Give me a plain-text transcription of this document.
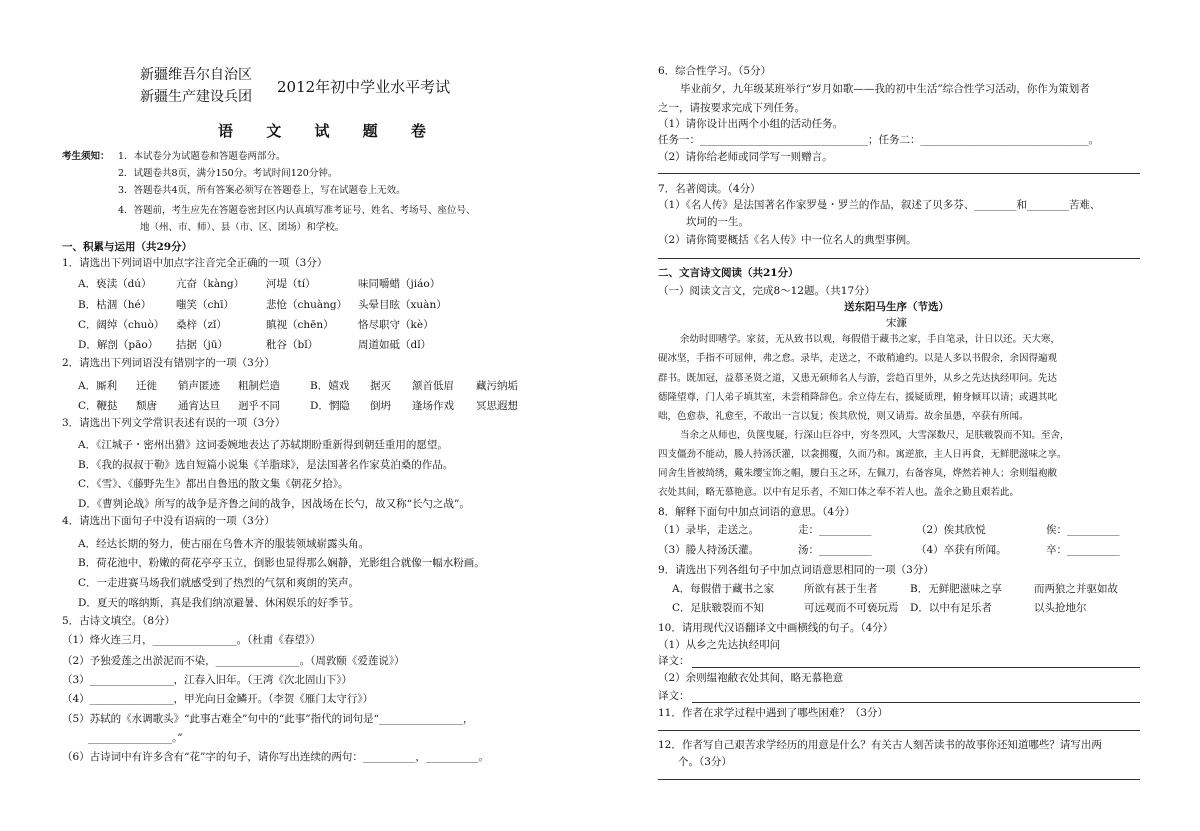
新疆维吾尔自治区
新疆生产建设兵团
2012年初中学业水平考试
语 文 试 题 卷
考生须知： 1．本试卷分为试题卷和答题卷两部分。
2．试题卷共8页，满分150分。考试时间120分钟。
3．答题卷共4页，所有答案必须写在答题卷上，写在试题卷上无效。
4．答题前，考生应先在答题卷密封区内认真填写准考证号、姓名、考场号、座位号、
地（州、市、师）、县（市、区、团场）和学校。
一、积累与运用（共29分）
1．请选出下列词语中加点字注音完全正确的一项（3分）
A．亵渎（dú） 亢奋（kàng） 河堤（tí）	味同嚼蜡（jiáo）
B．枯涸（hé） 嗤笑（chī）	悲怆（chuàng） 头晕目眩（xuàn）
C．阔绰（chuò） 桑梓（zǐ）	瞋视（chēn） 恪尽职守（kè）
D．解剖（pāo） 拮据（jū）	秕谷（bǐ）	周道如砥（dǐ）
2．请选出下列词语没有错别字的一项（3分）
A．厮利 迁徙 销声匿迹 粗制烂造	B．嬉戏 据灭 颔首低眉 藏污纳垢
C．鞭挞 颓唐 通宵达旦 迥乎不同	D．惘隐 倒坍 逢场作戏 冥思遐想
3．请选出下列文学常识表述有误的一项（3分）
A．《江城子・密州出猎》这词委婉地表达了苏轼期盼重新得到朝廷重用的愿望。
B．《我的叔叔于勒》选自短篇小说集《羊脂球》，是法国著名作家莫泊桑的作品。
C．《雪》、《藤野先生》都出自鲁迅的散文集《朝花夕拾》。
D．《曹刿论战》所写的战争是齐鲁之间的战争，因战场在长勺，故又称“长勺之战”。
4．请选出下面句子中没有语病的一项（3分）
A．经达长期的努力，使古丽在乌鲁木齐的服装领域崭露头角。
B．荷花池中，粉嫩的荷花亭亭玉立，倒影也显得那么娴静，光影组合就像一幅水粉画。
C．一走进赛马场我们就感受到了热烈的气氛和爽朗的笑声。
D．夏天的喀纳斯，真是我们纳凉避暑、休闲娱乐的好季节。
5．古诗文填空。（8分）
（1）烽火连三月，________________。（杜甫《春望》）
（2）予独爱莲之出淤泥而不染，________________。（周敦颐《爱莲说》）
（3）________________，江春入旧年。（王湾《次北固山下》）
（4）________________，甲光向日金鳞开。（李贺《雁门太守行》）
（5）苏轼的《水调歌头》“此事古难全”句中的“此事”指代的词句是“________________，
________________。”
（6）古诗词中有许多含有“花”字的句子，请你写出连续的两句：__________，__________。
6．综合性学习。（5分）
毕业前夕，九年级某班举行“岁月如歌——我的初中生活”综合性学习活动，你作为策划者
之一，请按要求完成下列任务。
（1）请你设计出两个小组的活动任务。
任务一：________________________________；任务二：________________________________。
（2）请你给老师或同学写一则赠言。
7．名著阅读。（4分）
（1）《名人传》是法国著名作家罗曼・罗兰的作品，叙述了贝多芬、________和________苦难、
坎坷的一生。
（2）请你简要概括《名人传》中一位名人的典型事例。
二、文言诗文阅读（共21分）
（一）阅读文言文，完成8～12题。（共17分）
送东阳马生序（节选）
宋濂
余幼时即嗜学。家贫，无从致书以观，每假借于藏书之家，手自笔录，计日以还。天大寒，
砚冰坚，手指不可屈伸，弗之怠。录毕，走送之，不敢稍逾约。以是人多以书假余，余因得遍观
群书。既加冠，益慕圣贤之道，又患无硕师名人与游，尝趋百里外，从乡之先达执经叩问。先达
德隆望尊，门人弟子填其室，未尝稍降辞色。余立侍左右，援疑质理，俯身倾耳以请；或遇其叱
咄，色愈恭，礼愈至，不敢出一言以复；俟其欣悦，则又请焉。故余虽愚，卒获有所闻。
当余之从师也，负箧曳屣，行深山巨谷中，穷冬烈风，大雪深数尺，足肤皲裂而不知。至舍，
四支僵劲不能动，媵人持汤沃灌，以衾拥覆，久而乃和。寓逆旅，主人日再食，无鲜肥滋味之享。
同舍生皆被绮绣，戴朱缨宝饰之帽，腰白玉之环，左佩刀，右备容臭，烨然若神人；余则缊袍敝
衣处其间，略无慕艳意。以中有足乐者，不知口体之奉不若人也。盖余之勤且艰若此。
8．解释下面句中加点词语的意思。（4分）
（1）录毕，走送之。	走：__________	（2）俟其欣悦	俟：__________
（3）媵人持汤沃灌。	汤：__________	（4）卒获有所闻。	卒：__________
9．请选出下列各组句子中加点词语意思相同的一项（3分）
A．每假借于藏书之家	所欲有甚于生者	B．无鲜肥滋味之享	而两狼之并驱如故
C．足肤皲裂而不知	可远观而不可亵玩焉 D．以中有足乐者	以头抢地尔
10．请用现代汉语翻译文中画横线的句子。（4分）
（1）从乡之先达执经叩问
译文：
（2）余则缊袍敝衣处其间，略无慕艳意
译文：
11．作者在求学过程中遇到了哪些困难？（3分）
12．作者写自己艰苦求学经历的用意是什么？有关古人刻苦读书的故事你还知道哪些？请写出两
个。（3分）
